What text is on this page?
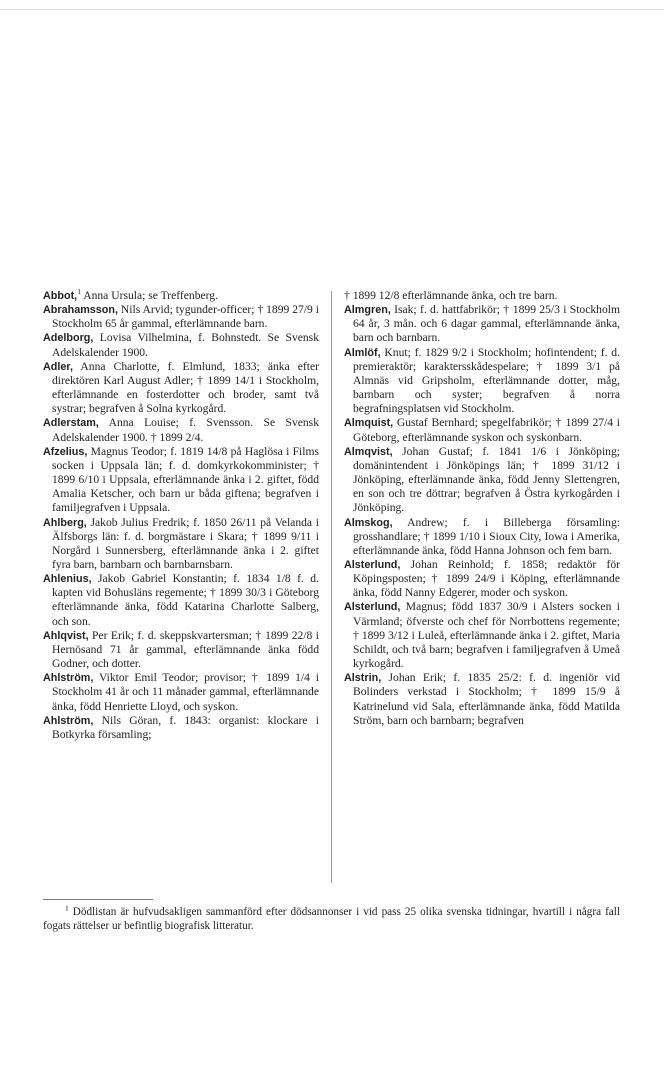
Abbot,$^1$ Anna Ursula; se Treffenberg.
Abrahamsson, Nils Arvid; tygunder-officer; † 1899 27/9 i Stockholm 65 år gammal, efterlämnande barn.
Adelborg, Lovisa Vilhelmina, f. Bohnstedt. Se Svensk Adelskalender 1900.
Adler, Anna Charlotte, f. Elmlund, 1833; änka efter direktören Karl August Adler; † 1899 14/1 i Stockholm, efterlämnande en fosterdotter och broder, samt två systrar; begrafven å Solna kyrkogård.
Adlerstam, Anna Louise; f. Svensson. Se Svensk Adelskalender 1900. † 1899 2/4.
Afzelius, Magnus Teodor; f. 1819 14/8 på Haglösa i Films socken i Uppsala län; f. d. domkyrkokomminister; † 1899 6/10 i Uppsala, efterlämnande änka i 2. giftet, född Amalia Ketscher, och barn ur båda giftena; begrafven i familjegrafven i Uppsala.
Ahlberg, Jakob Julius Fredrik; f. 1850 26/11 på Velanda i Älfsborgs län: f. d. borgmästare i Skara; † 1899 9/11 i Norgård i Sunnersberg, efterlämnande änka i 2. giftet fyra barn, barnbarn och barnbarnsbarn.
Ahlenius, Jakob Gabriel Konstantin; f. 1834 1/8 f. d. kapten vid Bohusläns regemente; † 1899 30/3 i Göteborg efterlämnande änka, född Katarina Charlotte Salberg, och son.
Ahlqvist, Per Erik; f. d. skeppskvartersman; † 1899 22/8 i Hernösand 71 år gammal, efterlämnande änka född Godner, och dotter.
Ahlström, Viktor Emil Teodor; provisor; † 1899 1/4 i Stockholm 41 år och 11 månader gammal, efterlämnande änka, född Henriette Lloyd, och syskon.
Ahlström, Nils Göran, f. 1843: organist: klockare i Botkyrka församling;
† 1899 12/8 efterlämnande änka, och tre barn.
Almgren, Isak; f. d. hattfabrikör; † 1899 25/3 i Stockholm 64 år, 3 mån. och 6 dagar gammal, efterlämnande änka, barn och barnbarn.
Almlöf, Knut; f. 1829 9/2 i Stockholm; hofintendent; f. d. premieraktör; karaktersskådespelare; † 1899 3/1 på Almnäs vid Gripsholm, efterlämnande dotter, måg, barnbarn och syster; begrafven å norra begrafningsplatsen vid Stockholm.
Almquist, Gustaf Bernhard; spegelfabrikör; † 1899 27/4 i Göteborg, efterlämnande syskon och syskonbarn.
Almqvist, Johan Gustaf; f. 1841 1/6 i Jönköping; domänintendent i Jönköpings län; † 1899 31/12 i Jönköping, efterlämnande änka, född Jenny Slettengren, en son och tre döttrar; begrafven å Östra kyrkogården i Jönköping.
Almskog, Andrew; f. i Billeberga församling: grosshandlare; † 1899 1/10 i Sioux City, Iowa i Amerika, efterlämnande änka, född Hanna Johnson och fem barn.
Alsterlund, Johan Reinhold; f. 1858; redaktör för Köpingsposten; † 1899 24/9 i Köping, efterlämnande änka, född Nanny Edgerer, moder och syskon.
Alsterlund, Magnus; född 1837 30/9 i Alsters socken i Värmland; öfverste och chef för Norrbottens regemente; † 1899 3/12 i Luleå, efterlämnande änka i 2. giftet, Maria Schildt, och två barn; begrafven i familjegrafven å Umeå kyrkogård.
Alstrin, Johan Erik; f. 1835 25/2: f. d. ingeniör vid Bolinders verkstad i Stockholm; † 1899 15/9 å Katrinelund vid Sala, efterlämnande änka, född Matilda Ström, barn och barnbarn; begrafven
$^1$ Dödlistan är hufvudsakligen sammanförd efter dödsannonser i vid pass 25 olika svenska tidningar, hvartill i några fall fogats rättelser ur befintlig biografisk litteratur.
